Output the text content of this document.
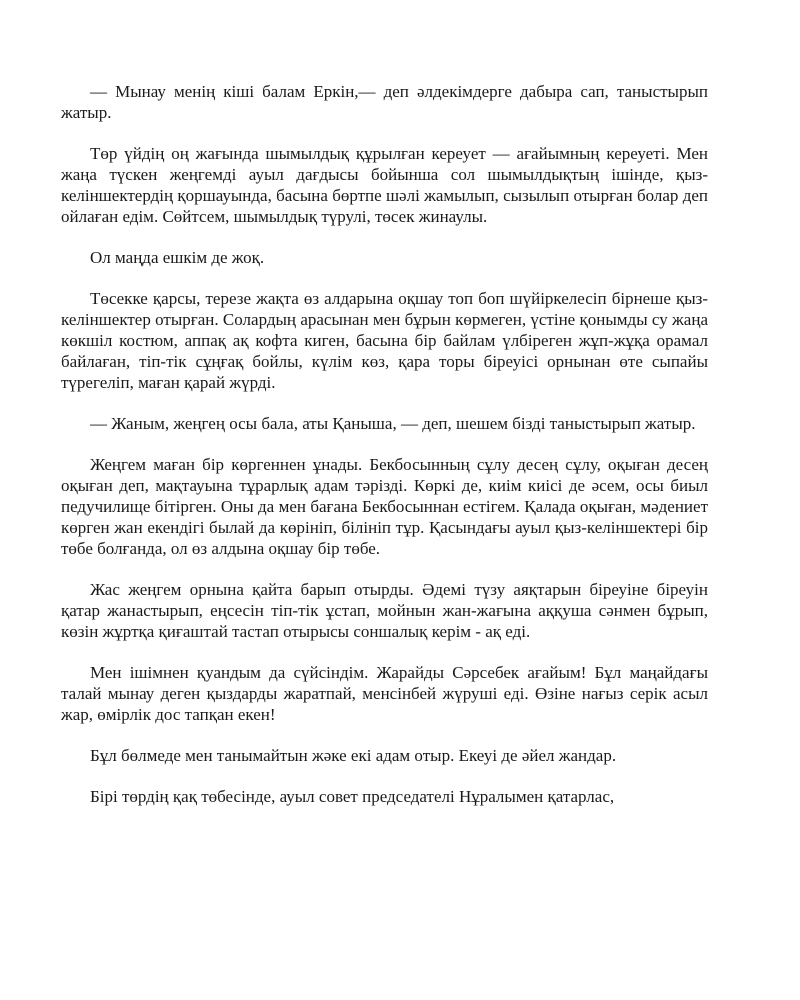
— Мынау менің кіші балам Еркін,— деп әлдекімдерге дабыра сап, таныстырып жатыр.

Төр үйдің оң жағында шымылдық құрылған кереует — ағайымның кереуеті. Мен жаңа түскен жеңгемді ауыл дағдысы бойынша сол шымылдықтың ішінде, қыз-келіншектердің қоршауында, басына бөртпе шәлі жамылып, сызылып отырған болар деп ойлаған едім. Сөйтсем, шымылдық түрулі, төсек жинаулы.

Ол маңда ешкім де жоқ.

Төсекке қарсы, терезе жақта өз алдарына оқшау топ боп шүйіркелесіп бірнеше қыз-келіншектер отырған. Солардың арасынан мен бұрын көрмеген, үстіне қонымды су жаңа көкшіл костюм, аппақ ақ кофта киген, басына бір байлам үлбіреген жұп-жұқа орамал байлаған, тіп-тік сұңғақ бойлы, күлім көз, қара торы біреуісі орнынан өте сыпайы түрегеліп, маған қарай жүрді.

— Жаным, жеңгең осы бала, аты Қаныша, — деп, шешем бізді таныстырып жатыр.

Жеңгем маған бір көргеннен ұнады. Бекбосынның сұлу десең сұлу, оқыған десең оқыған деп, мақтауына тұрарлық адам тәрізді. Көркі де, киім киісі де әсем, осы биыл педучилище бітірген. Оны да мен бағана Бекбосыннан естігем. Қалада оқыған, мәдениет көрген жан екендігі былай да көрініп, білініп тұр. Қасындағы ауыл қыз-келіншектері бір төбе болғанда, ол өз алдына оқшау бір төбе.

Жас жеңгем орнына қайта барып отырды. Әдемі түзу аяқтарын біреуіне біреуін қатар жанастырып, еңсесін тіп-тік ұстап, мойнын жан-жағына аққуша сәнмен бұрып, көзін жұртқа қиғаштай тастап отырысы соншалық керім - ақ еді.

Мен ішімнен қуандым да сүйсіндім. Жарайды Сәрсебек ағайым! Бұл маңайдағы талай мынау деген қыздарды жаратпай, менсінбей жүруші еді. Өзіне нағыз серік асыл жар, өмірлік дос тапқан екен!

Бұл бөлмеде мен танымайтын жәке екі адам отыр. Екеуі де әйел жандар.

Бірі төрдің қақ төбесінде, ауыл совет председателі Нұралымен қатарлас,
